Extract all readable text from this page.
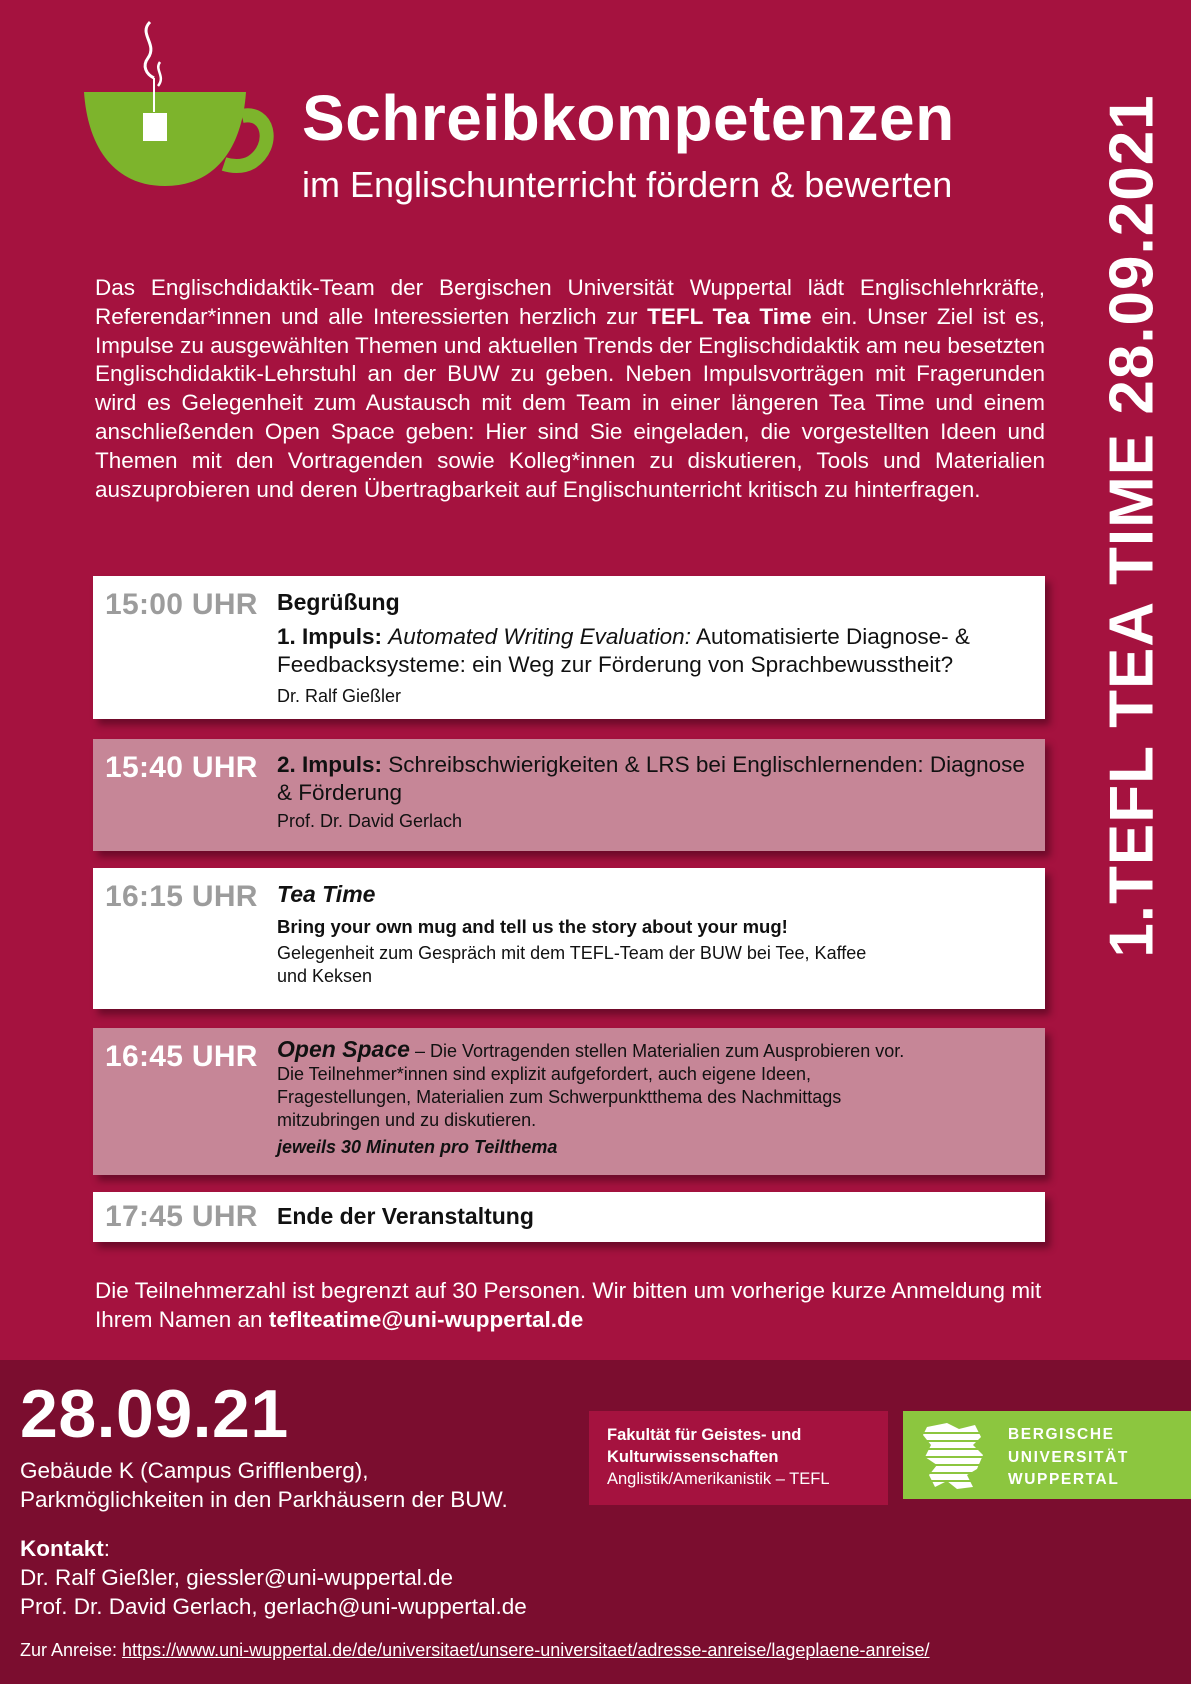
Schreibkompetenzen
im Englischunterricht fördern & bewerten 1.TEFL TEA TIME 28.09.2021
Das Englischdidaktik-Team der Bergischen Universität Wuppertal lädt Englischlehrkräfte, Referendar*innen und alle Interessierten herzlich zur TEFL Tea Time ein. Unser Ziel ist es, Impulse zu ausgewählten Themen und aktuellen Trends der Englischdidaktik am neu besetzten Englischdidaktik-Lehrstuhl an der BUW zu geben. Neben Impulsvorträgen mit Fragerunden wird es Gelegenheit zum Austausch mit dem Team in einer längeren Tea Time und einem anschließenden Open Space geben: Hier sind Sie eingeladen, die vorgestellten Ideen und Themen mit den Vortragenden sowie Kolleg*innen zu diskutieren, Tools und Materialien auszuprobieren und deren Übertragbarkeit auf Englischunterricht kritisch zu hinterfragen.
15:00 UHR Begrüßung
1. Impuls: Automated Writing Evaluation: Automatisierte Diagnose- & Feedbacksysteme: ein Weg zur Förderung von Sprachbewusstheit?
Dr. Ralf Gießler
15:40 UHR 2. Impuls: Schreibschwierigkeiten & LRS bei Englischlernenden: Diagnose & Förderung
Prof. Dr. David Gerlach
16:15 UHR Tea Time
Bring your own mug and tell us the story about your mug!
Gelegenheit zum Gespräch mit dem TEFL-Team der BUW bei Tee, Kaffee und Keksen
16:45 UHR Open Space – Die Vortragenden stellen Materialien zum Ausprobieren vor.
Die Teilnehmer*innen sind explizit aufgefordert, auch eigene Ideen, Fragestellungen, Materialien zum Schwerpunktthema des Nachmittags mitzubringen und zu diskutieren.
jeweils 30 Minuten pro Teilthema
17:45 UHR Ende der Veranstaltung
Die Teilnehmerzahl ist begrenzt auf 30 Personen. Wir bitten um vorherige kurze Anmeldung mit Ihrem Namen an teflteatime@uni-wuppertal.de
28.09.21
Gebäude K (Campus Grifflenberg),
Parkmöglichkeiten in den Parkhäusern der BUW.
Kontakt:
Dr. Ralf Gießler, giessler@uni-wuppertal.de
Prof. Dr. David Gerlach, gerlach@uni-wuppertal.de
Zur Anreise: https://www.uni-wuppertal.de/de/universitaet/unsere-universitaet/adresse-anreise/lageplaene-anreise/
Fakultät für Geistes- und
Kulturwissenschaften
Anglistik/Amerikanistik – TEFL
BERGISCHE
UNIVERSITÄT
WUPPERTAL
